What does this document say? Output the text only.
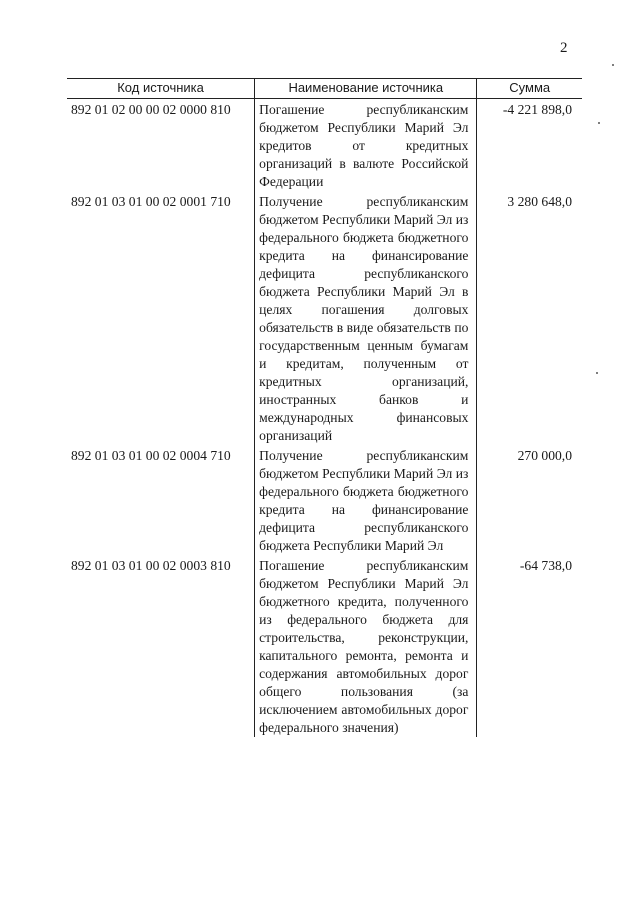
2
Код источника	Наименование источника	Сумма
892 01 02 00 00 02 0000 810	Погашение республиканским бюджетом Республики Марий Эл кредитов от кредитных организаций в валюте Российской Федерации	-4 221 898,0
892 01 03 01 00 02 0001 710	Получение республиканским бюджетом Республики Марий Эл из федерального бюджета бюджетного кредита на финансирование дефицита республиканского бюджета Республики Марий Эл в целях погашения долговых обязательств в виде обязательств по государственным ценным бумагам и кредитам, полученным от кредитных организаций, иностранных банков и международных финансовых организаций	3 280 648,0
892 01 03 01 00 02 0004 710	Получение республиканским бюджетом Республики Марий Эл из федерального бюджета бюджетного кредита на финансирование дефицита республиканского бюджета Республики Марий Эл	270 000,0
892 01 03 01 00 02 0003 810	Погашение республиканским бюджетом Республики Марий Эл бюджетного кредита, полученного из федерального бюджета для строительства, реконструкции, капитального ремонта, ремонта и содержания автомобильных дорог общего пользования (за исключением автомобильных дорог федерального значения)	-64 738,0
